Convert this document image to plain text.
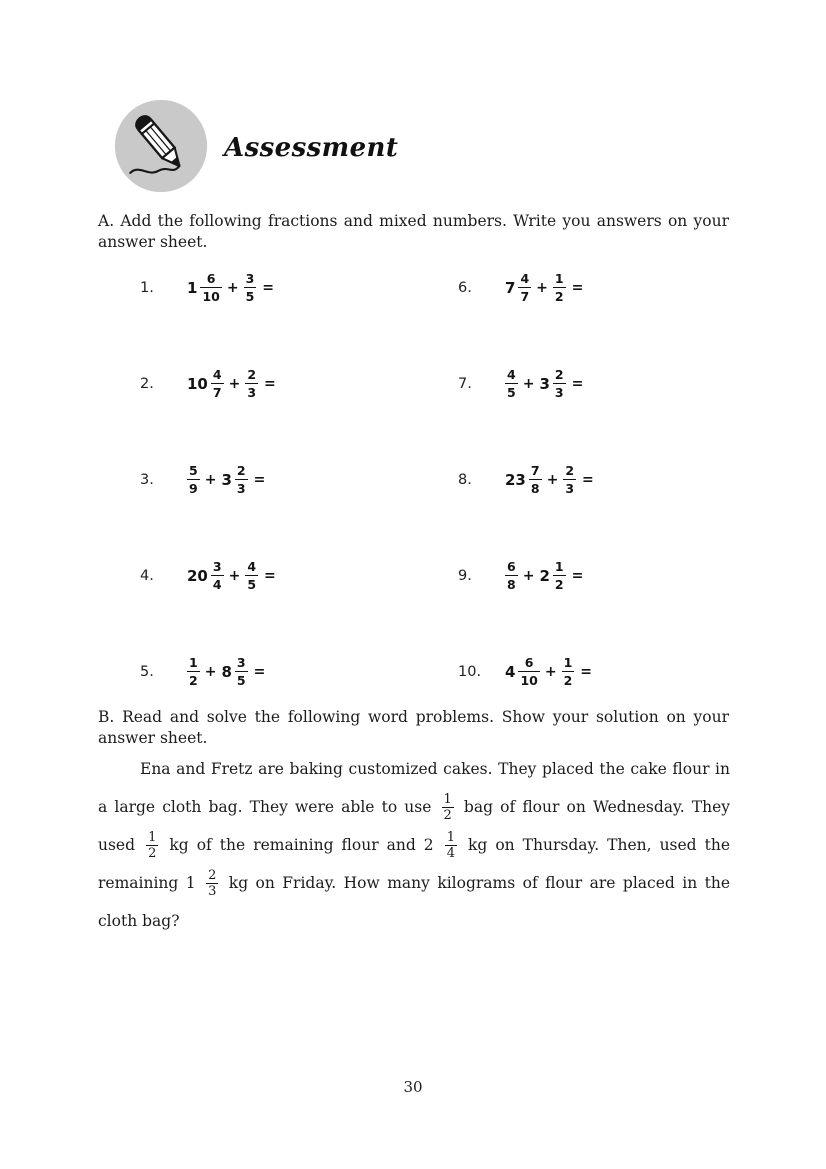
Assessment
A. Add the following fractions and mixed numbers. Write you answers on your answer sheet.
1.	$1 \frac{6}{10} + \frac{3}{5}$ =
2.	$10 \frac{4}{7} + \frac{2}{3}$ =
3.	$\frac{5}{9} + 3 \frac{2}{3}$ =
4.	$20 \frac{3}{4} + \frac{4}{5}$ =
5.	$\frac{1}{2} + 8 \frac{3}{5}$ =
6.	$7 \frac{4}{7} + \frac{1}{2}$ =
7.	$\frac{4}{5} + 3 \frac{2}{3}$ =
8.	$23 \frac{7}{8} + \frac{2}{3}$ =
9.	$\frac{6}{8} + 2 \frac{1}{2}$ =
10.	$4 \frac{6}{10} + \frac{1}{2}$ =
B. Read and solve the following word problems. Show your solution on your answer sheet.
Ena and Fretz are baking customized cakes. They placed the cake flour in a large cloth bag. They were able to use $\frac{1}{2}$ bag of flour on Wednesday. They used $\frac{1}{2}$ kg of the remaining flour and $2 \frac{1}{4}$ kg on Thursday. Then, used the remaining $1 \frac{2}{3}$ kg on Friday. How many kilograms of flour are placed in the cloth bag?
30
